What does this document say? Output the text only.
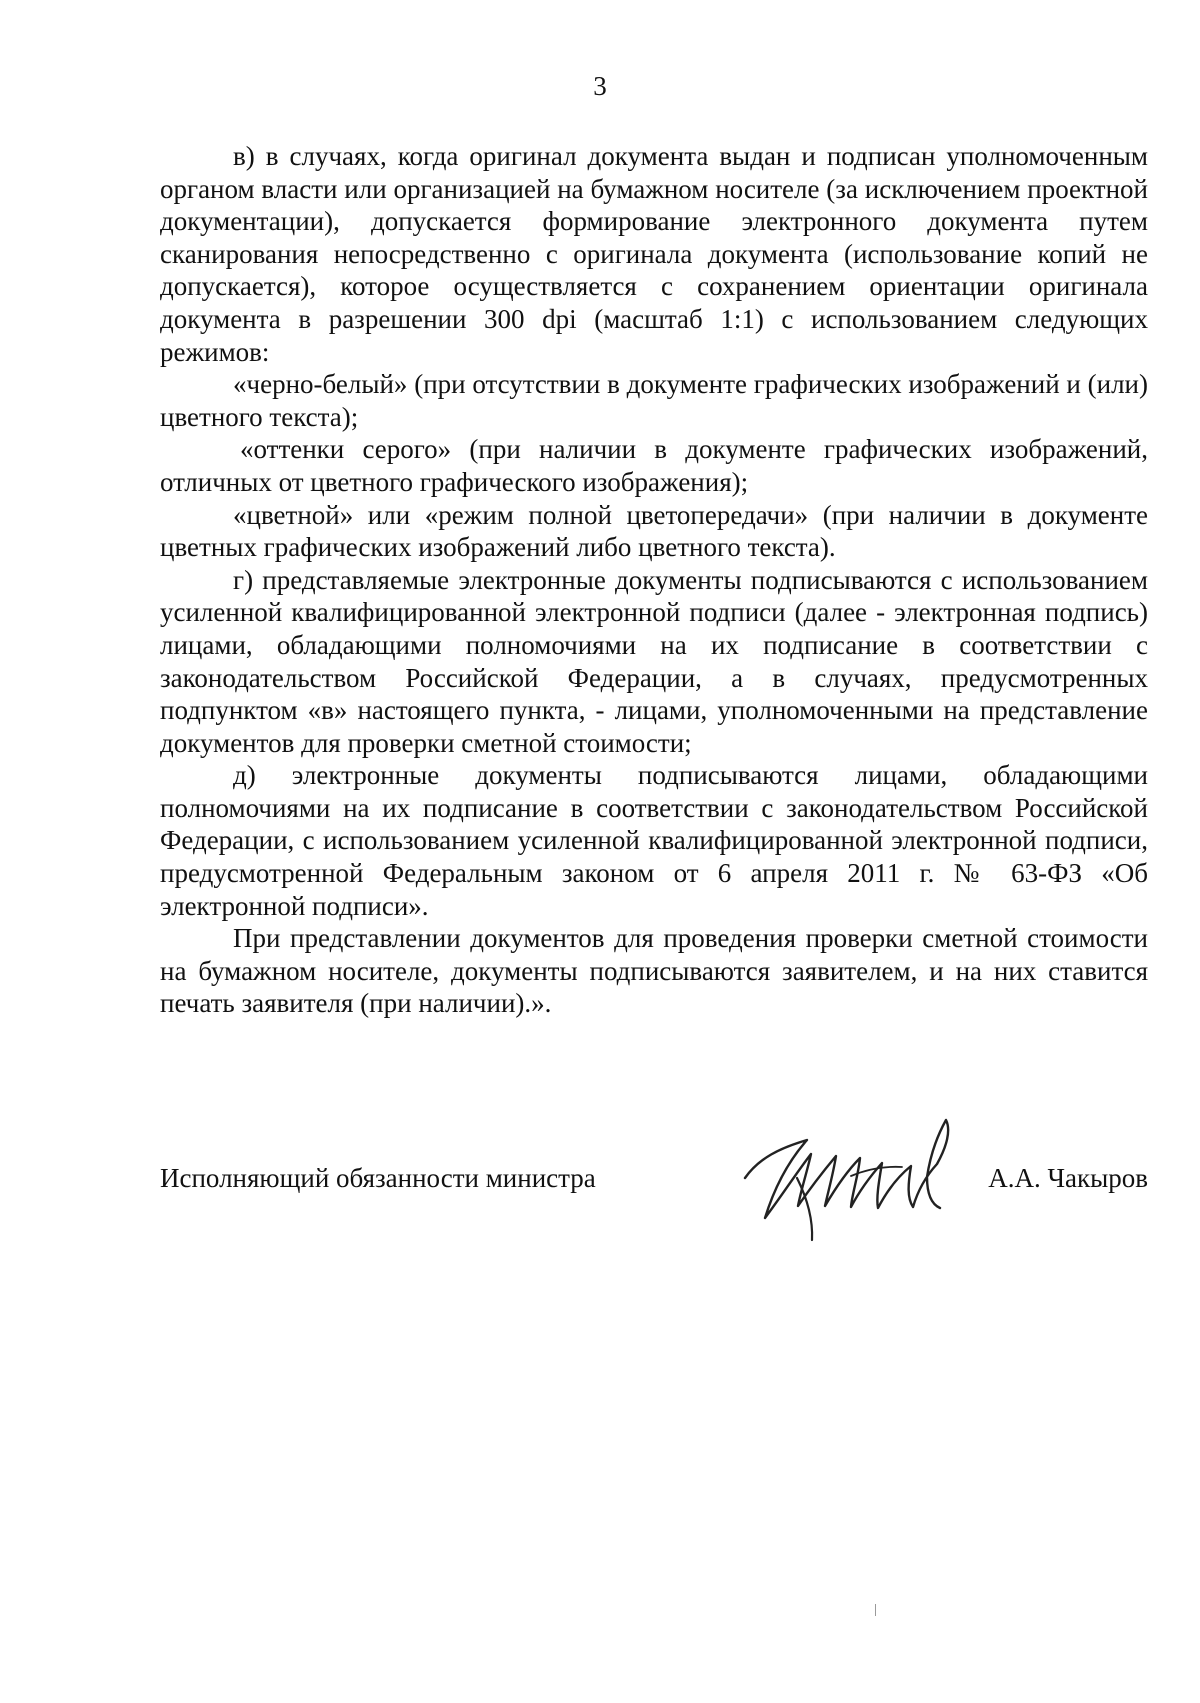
3

в) в случаях, когда оригинал документа выдан и подписан уполномоченным органом власти или организацией на бумажном носителе (за исключением проектной документации), допускается формирование электронного документа путем сканирования непосредственно с оригинала документа (использование копий не допускается), которое осуществляется с сохранением ориентации оригинала документа в разрешении 300 dpi (масштаб 1:1) с использованием следующих режимов:

«черно-белый» (при отсутствии в документе графических изображений и (или) цветного текста);

«оттенки серого» (при наличии в документе графических изображений, отличных от цветного графического изображения);

«цветной» или «режим полной цветопередачи» (при наличии в документе цветных графических изображений либо цветного текста).

г) представляемые электронные документы подписываются с использованием усиленной квалифицированной электронной подписи (далее - электронная подпись) лицами, обладающими полномочиями на их подписание в соответствии с законодательством Российской Федерации, а в случаях, предусмотренных подпунктом «в» настоящего пункта, - лицами, уполномоченными на представление документов для проверки сметной стоимости;

д) электронные документы подписываются лицами, обладающими полномочиями на их подписание в соответствии с законодательством Российской Федерации, с использованием усиленной квалифицированной электронной подписи, предусмотренной Федеральным законом от 6 апреля 2011 г. № 63-ФЗ «Об электронной подписи».

При представлении документов для проведения проверки сметной стоимости на бумажном носителе, документы подписываются заявителем, и на них ставится печать заявителя (при наличии).».

Исполняющий обязанности министра	А.А. Чакыров
